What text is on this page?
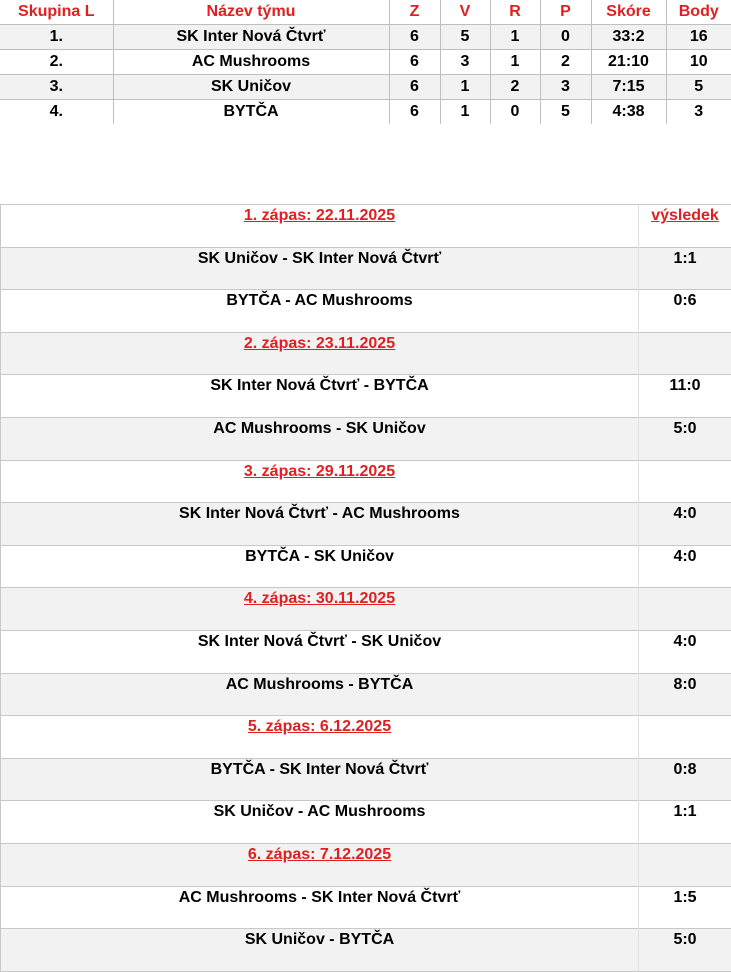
Skupina L	Název týmu	Z	V	R	P	Skóre	Body
1.	SK Inter Nová Čtvrť	6	5	1	0	33:2	16
2.	AC Mushrooms	6	3	1	2	21:10	10
3.	SK Uničov	6	1	2	3	7:15	5
4.	BYTČA	6	1	0	5	4:38	3
1. zápas: 22.11.2025	výsledek
SK Uničov - SK Inter Nová Čtvrť	1:1
BYTČA - AC Mushrooms	0:6
2. zápas: 23.11.2025	
SK Inter Nová Čtvrť - BYTČA	11:0
AC Mushrooms - SK Uničov	5:0
3. zápas: 29.11.2025	
SK Inter Nová Čtvrť - AC Mushrooms	4:0
BYTČA - SK Uničov	4:0
4. zápas: 30.11.2025	
SK Inter Nová Čtvrť - SK Uničov	4:0
AC Mushrooms - BYTČA	8:0
5. zápas: 6.12.2025	
BYTČA - SK Inter Nová Čtvrť	0:8
SK Uničov - AC Mushrooms	1:1
6. zápas: 7.12.2025	
AC Mushrooms - SK Inter Nová Čtvrť	1:5
SK Uničov - BYTČA	5:0
